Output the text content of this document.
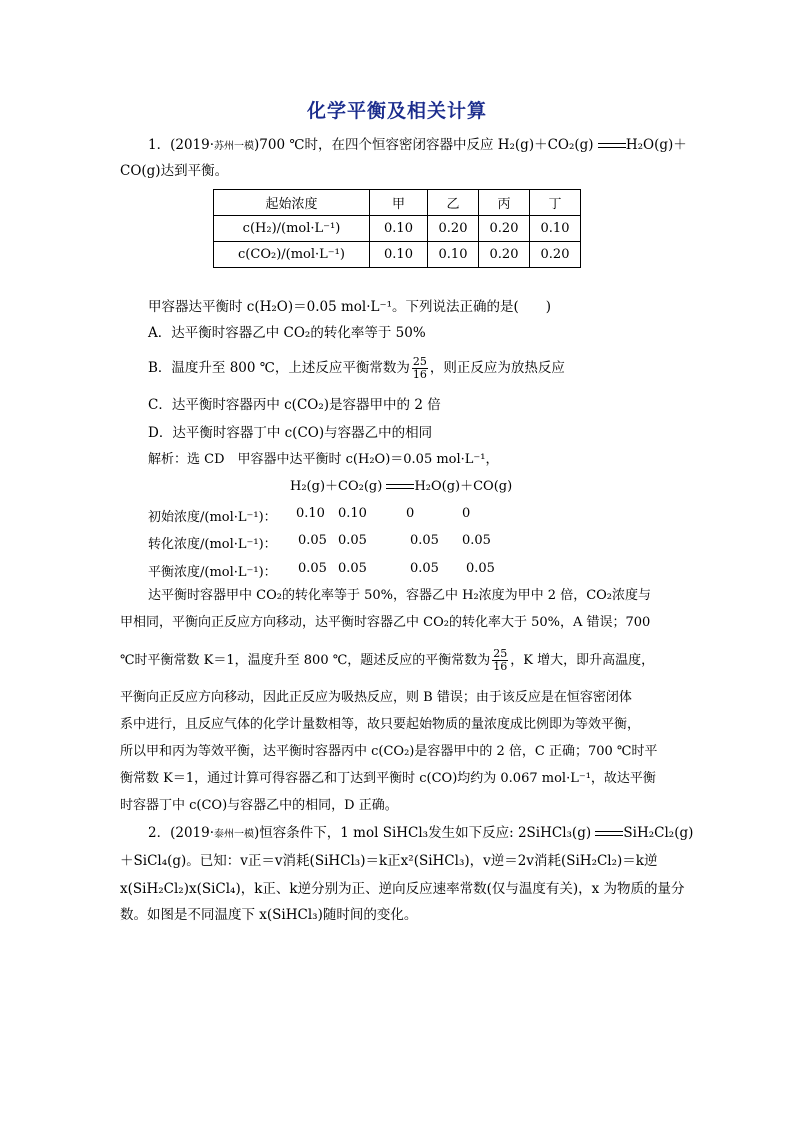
化学平衡及相关计算
1．(2019·苏州一模)700 ℃时，在四个恒容密闭容器中反应 H₂(g)＋CO₂(g) H₂O(g)＋
CO(g)达到平衡。
起始浓度	甲	乙	丙	丁
c(H₂)/(mol·L⁻¹)	0.10	0.20	0.20	0.10
c(CO₂)/(mol·L⁻¹)	0.10	0.10	0.20	0.20
甲容器达平衡时 c(H₂O)＝0.05 mol·L⁻¹。下列说法正确的是(　　)
A．达平衡时容器乙中 CO₂的转化率等于 50%
B．温度升至 800 ℃，上述反应平衡常数为 $\frac{25}{16}$ ，则正反应为放热反应
C．达平衡时容器丙中 c(CO₂)是容器甲中的 2 倍
D．达平衡时容器丁中 c(CO)与容器乙中的相同
解析：选 CD　甲容器中达平衡时 c(H₂O)＝0.05 mol·L⁻¹，
H₂(g)＋CO₂(g) H₂O(g)＋CO(g)
初始浓度/(mol·L⁻¹)： 0.10 0.10	0	0
转化浓度/(mol·L⁻¹)： 0.05 0.05	0.05 0.05
平衡浓度/(mol·L⁻¹)： 0.05 0.05	0.05 0.05
达平衡时容器甲中 CO₂的转化率等于 50%，容器乙中 H₂浓度为甲中 2 倍，CO₂浓度与
甲相同，平衡向正反应方向移动，达平衡时容器乙中 CO₂的转化率大于 50%，A 错误；700
℃时平衡常数 K＝1，温度升至 800 ℃，题述反应的平衡常数为 $\frac{25}{16}$ ，K 增大，即升高温度，
平衡向正反应方向移动，因此正反应为吸热反应，则 B 错误；由于该反应是在恒容密闭体
系中进行，且反应气体的化学计量数相等，故只要起始物质的量浓度成比例即为等效平衡，
所以甲和丙为等效平衡，达平衡时容器丙中 c(CO₂)是容器甲中的 2 倍，C 正确；700 ℃时平
衡常数 K＝1，通过计算可得容器乙和丁达到平衡时 c(CO)均约为 0.067 mol·L⁻¹，故达平衡
时容器丁中 c(CO)与容器乙中的相同，D 正确。
2．(2019·泰州一模)恒容条件下，1 mol SiHCl₃发生如下反应: 2SiHCl₃(g) SiH₂Cl₂(g)
＋SiCl₄(g)。已知：v正＝v消耗(SiHCl₃)＝k正x²(SiHCl₃)，v逆＝2v消耗(SiH₂Cl₂)＝k逆
x(SiH₂Cl₂)x(SiCl₄)，k正、k逆分别为正、逆向反应速率常数(仅与温度有关)，x 为物质的量分
数。如图是不同温度下 x(SiHCl₃)随时间的变化。
